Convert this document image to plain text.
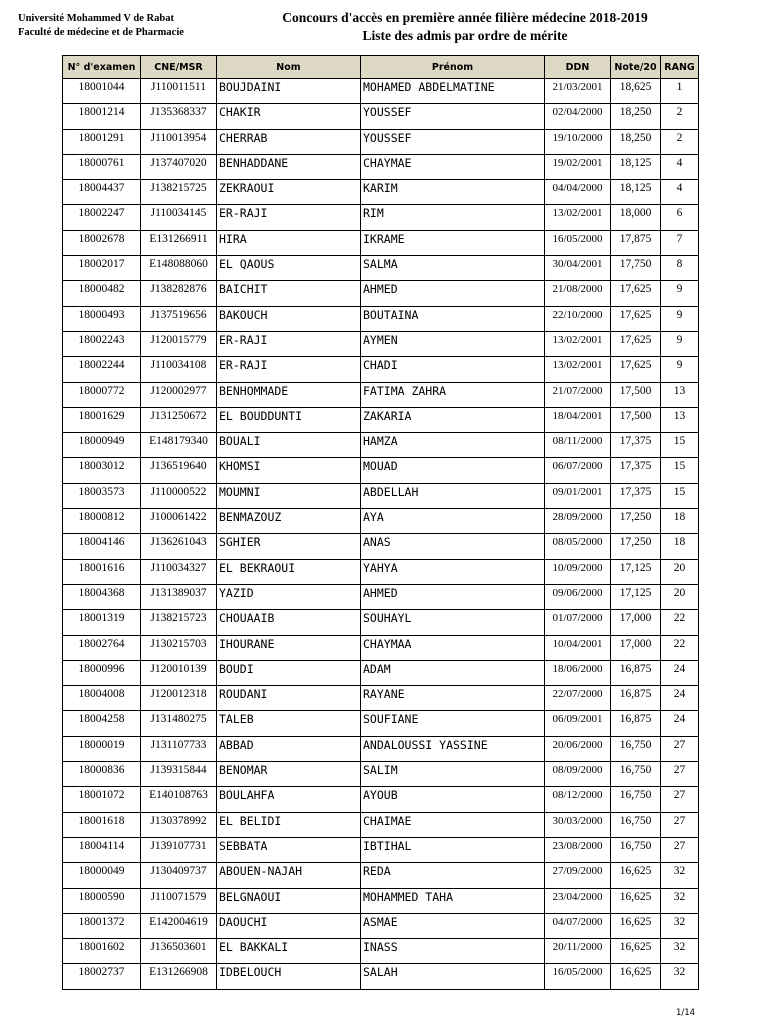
Université Mohammed V de Rabat
Faculté de médecine et de Pharmacie
Concours d'accès en première année filière médecine 2018-2019
Liste des admis par ordre de mérite
N° d'examen	CNE/MSR	Nom	Prénom	DDN	Note/20	RANG
18001044	J110011511	BOUJDAINI	MOHAMED ABDELMATINE	21/03/2001	18,625	1
18001214	J135368337	CHAKIR	YOUSSEF	02/04/2000	18,250	2
18001291	J110013954	CHERRAB	YOUSSEF	19/10/2000	18,250	2
18000761	J137407020	BENHADDANE	CHAYMAE	19/02/2001	18,125	4
18004437	J138215725	ZEKRAOUI	KARIM	04/04/2000	18,125	4
18002247	J110034145	ER-RAJI	RIM	13/02/2001	18,000	6
18002678	E131266911	HIRA	IKRAME	16/05/2000	17,875	7
18002017	E148088060	EL QAOUS	SALMA	30/04/2001	17,750	8
18000482	J138282876	BAICHIT	AHMED	21/08/2000	17,625	9
18000493	J137519656	BAKOUCH	BOUTAINA	22/10/2000	17,625	9
18002243	J120015779	ER-RAJI	AYMEN	13/02/2001	17,625	9
18002244	J110034108	ER-RAJI	CHADI	13/02/2001	17,625	9
18000772	J120002977	BENHOMMADE	FATIMA ZAHRA	21/07/2000	17,500	13
18001629	J131250672	EL BOUDDUNTI	ZAKARIA	18/04/2001	17,500	13
18000949	E148179340	BOUALI	HAMZA	08/11/2000	17,375	15
18003012	J136519640	KHOMSI	MOUAD	06/07/2000	17,375	15
18003573	J110000522	MOUMNI	ABDELLAH	09/01/2001	17,375	15
18000812	J100061422	BENMAZOUZ	AYA	28/09/2000	17,250	18
18004146	J136261043	SGHIER	ANAS	08/05/2000	17,250	18
18001616	J110034327	EL BEKRAOUI	YAHYA	10/09/2000	17,125	20
18004368	J131389037	YAZID	AHMED	09/06/2000	17,125	20
18001319	J138215723	CHOUAAIB	SOUHAYL	01/07/2000	17,000	22
18002764	J130215703	IHOURANE	CHAYMAA	10/04/2001	17,000	22
18000996	J120010139	BOUDI	ADAM	18/06/2000	16,875	24
18004008	J120012318	ROUDANI	RAYANE	22/07/2000	16,875	24
18004258	J131480275	TALEB	SOUFIANE	06/09/2001	16,875	24
18000019	J131107733	ABBAD	ANDALOUSSI YASSINE	20/06/2000	16,750	27
18000836	J139315844	BENOMAR	SALIM	08/09/2000	16,750	27
18001072	E140108763	BOULAHFA	AYOUB	08/12/2000	16,750	27
18001618	J130378992	EL BELIDI	CHAIMAE	30/03/2000	16,750	27
18004114	J139107731	SEBBATA	IBTIHAL	23/08/2000	16,750	27
18000049	J130409737	ABOUEN-NAJAH	REDA	27/09/2000	16,625	32
18000590	J110071579	BELGNAOUI	MOHAMMED TAHA	23/04/2000	16,625	32
18001372	E142004619	DAOUCHI	ASMAE	04/07/2000	16,625	32
18001602	J136503601	EL BAKKALI	INASS	20/11/2000	16,625	32
18002737	E131266908	IDBELOUCH	SALAH	16/05/2000	16,625	32
1/14
